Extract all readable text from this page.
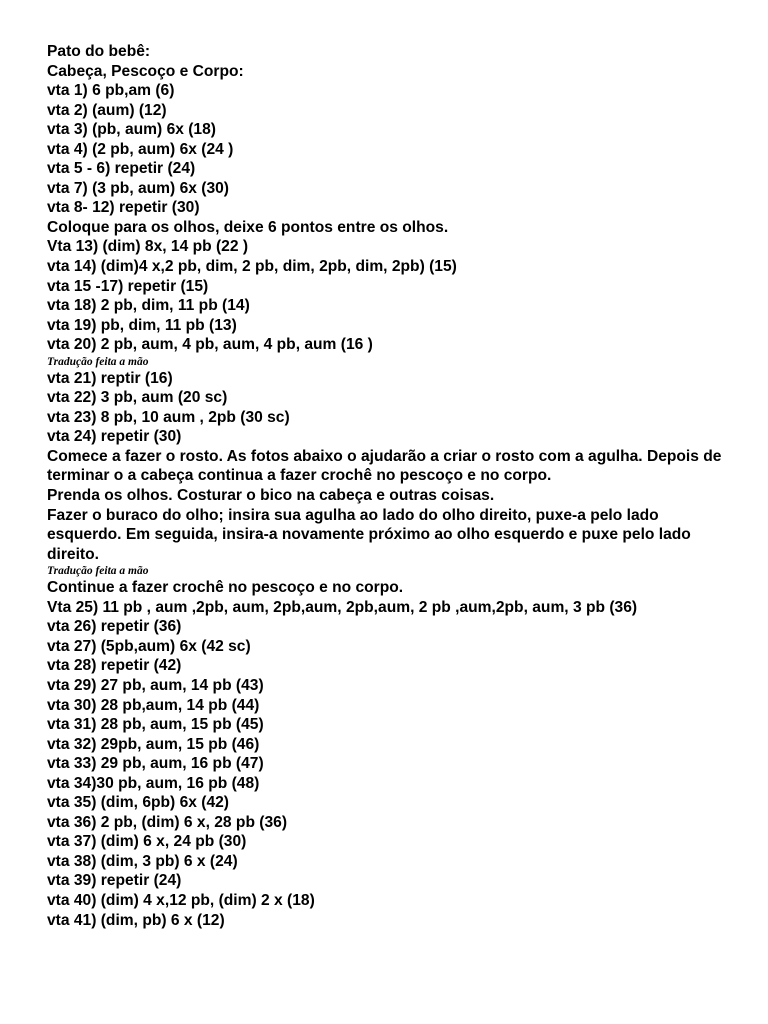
Pato do bebê:
Cabeça, Pescoço e Corpo:
vta 1) 6 pb,am (6)
vta 2) (aum) (12)
vta 3) (pb, aum) 6x (18)
vta 4) (2 pb, aum) 6x (24 )
vta 5 - 6) repetir (24)
vta 7) (3 pb, aum) 6x (30)
vta 8- 12) repetir (30)
Coloque para os olhos, deixe 6 pontos entre os olhos.
Vta 13) (dim) 8x, 14 pb (22 )
vta 14) (dim)4 x,2 pb, dim, 2 pb, dim, 2pb, dim, 2pb) (15)
vta 15 -17) repetir (15)
vta 18) 2 pb, dim, 11 pb (14)
vta 19) pb, dim, 11 pb (13)
vta 20) 2 pb, aum, 4 pb, aum, 4 pb, aum (16 )
Tradução feita a mão
vta 21) reptir (16)
vta 22) 3 pb, aum (20 sc)
vta 23) 8 pb, 10 aum , 2pb (30 sc)
vta 24) repetir (30)
Comece a fazer o rosto. As fotos abaixo o ajudarão a criar o rosto com a agulha. Depois de terminar o a cabeça continua a fazer crochê no pescoço e no corpo.
Prenda os olhos. Costurar o bico na cabeça e outras coisas.
Fazer o buraco do olho; insira sua agulha ao lado do olho direito, puxe-a pelo lado esquerdo. Em seguida, insira-a novamente próximo ao olho esquerdo e puxe pelo lado direito.
Tradução feita a mão
Continue a fazer crochê no pescoço e no corpo.
Vta 25) 11 pb , aum ,2pb, aum, 2pb,aum, 2pb,aum, 2 pb ,aum,2pb, aum, 3 pb (36)
vta 26) repetir (36)
vta 27) (5pb,aum) 6x (42 sc)
vta 28) repetir (42)
vta 29) 27 pb, aum, 14 pb (43)
vta 30) 28 pb,aum, 14 pb (44)
vta 31) 28 pb, aum, 15 pb (45)
vta 32) 29pb, aum, 15 pb (46)
vta 33) 29 pb, aum, 16 pb (47)
vta 34)30 pb, aum, 16 pb (48)
vta 35) (dim, 6pb) 6x (42)
vta 36) 2 pb, (dim) 6 x, 28 pb (36)
vta 37) (dim) 6 x, 24 pb (30)
vta 38) (dim, 3 pb) 6 x (24)
vta 39) repetir (24)
vta 40) (dim) 4 x,12 pb, (dim) 2 x (18)
vta 41) (dim, pb) 6 x (12)
